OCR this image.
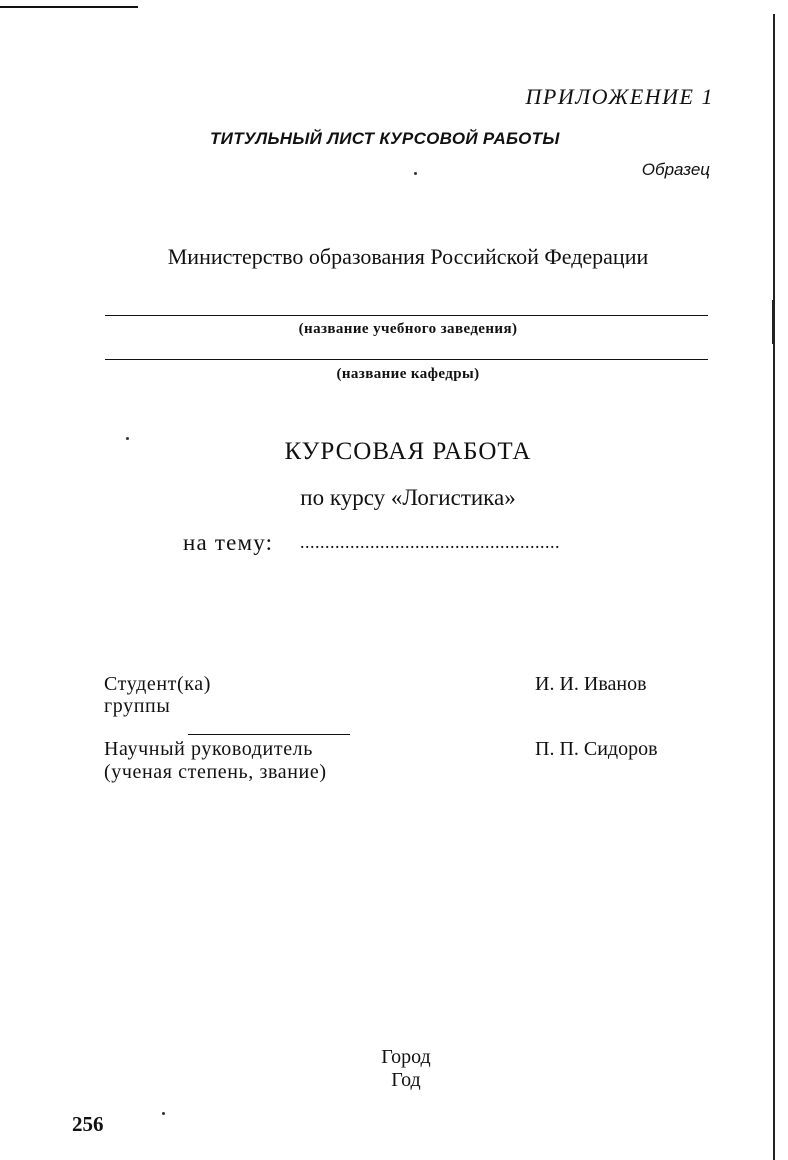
ПРИЛОЖЕНИЕ 1
ТИТУЛЬНЫЙ ЛИСТ КУРСОВОЙ РАБОТЫ
Образец
Министерство образования Российской Федерации
(название учебного заведения)
(название кафедры)
КУРСОВАЯ РАБОТА
по курсу «Логистика»
на тему: ....................................................
Студент(ка)
группы
И. И. Иванов
Научный руководитель
(ученая степень, звание)
П. П. Сидоров
Город
Год
256
